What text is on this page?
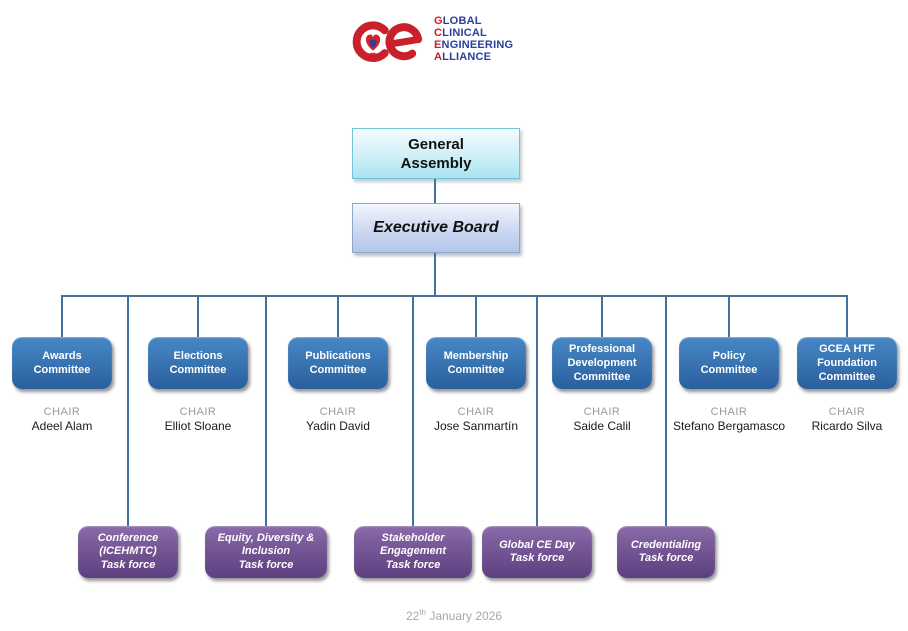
GLOBAL
CLINICAL
ENGINEERING
ALLIANCE
General
Assembly
Executive Board
Awards
Committee
CHAIR
Adeel Alam
Elections
Committee
CHAIR
Elliot Sloane
Publications
Committee
CHAIR
Yadin David
Membership
Committee
CHAIR
Jose Sanmartín
Professional
Development
Committee
CHAIR
Saide Calil
Policy
Committee
CHAIR
Stefano Bergamasco
GCEA HTF
Foundation
Committee
CHAIR
Ricardo Silva
Conference
(ICEHMTC)
Task force
Equity, Diversity &
Inclusion
Task force
Stakeholder
Engagement
Task force
Global CE Day
Task force
Credentialing
Task force
22th January 2026
